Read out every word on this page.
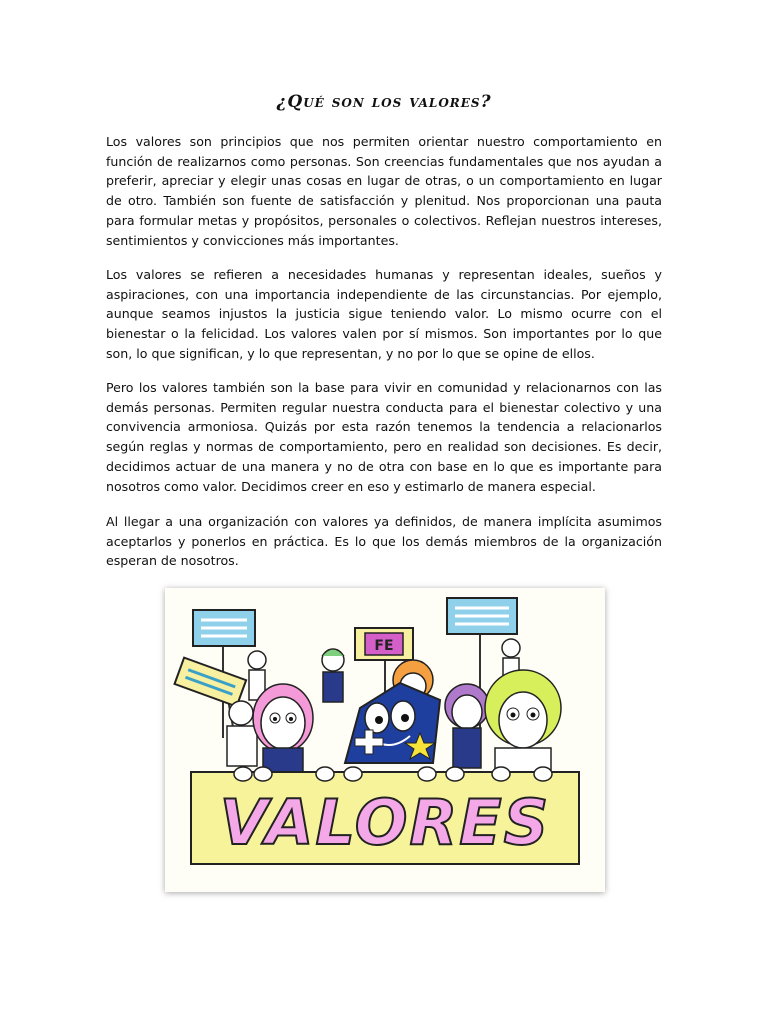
¿Qué son los valores?

Los valores son principios que nos permiten orientar nuestro comportamiento en función de realizarnos como personas. Son creencias fundamentales que nos ayudan a preferir, apreciar y elegir unas cosas en lugar de otras, o un comportamiento en lugar de otro. También son fuente de satisfacción y plenitud. Nos proporcionan una pauta para formular metas y propósitos, personales o colectivos. Reflejan nuestros intereses, sentimientos y convicciones más importantes.

Los valores se refieren a necesidades humanas y representan ideales, sueños y aspiraciones, con una importancia independiente de las circunstancias. Por ejemplo, aunque seamos injustos la justicia sigue teniendo valor. Lo mismo ocurre con el bienestar o la felicidad. Los valores valen por sí mismos. Son importantes por lo que son, lo que significan, y lo que representan, y no por lo que se opine de ellos.

Pero los valores también son la base para vivir en comunidad y relacionarnos con las demás personas. Permiten regular nuestra conducta para el bienestar colectivo y una convivencia armoniosa. Quizás por esta razón tenemos la tendencia a relacionarlos según reglas y normas de comportamiento, pero en realidad son decisiones. Es decir, decidimos actuar de una manera y no de otra con base en lo que es importante para nosotros como valor. Decidimos creer en eso y estimarlo de manera especial.

Al llegar a una organización con valores ya definidos, de manera implícita asumimos aceptarlos y ponerlos en práctica. Es lo que los demás miembros de la organización esperan de nosotros.

FE
VALORES
